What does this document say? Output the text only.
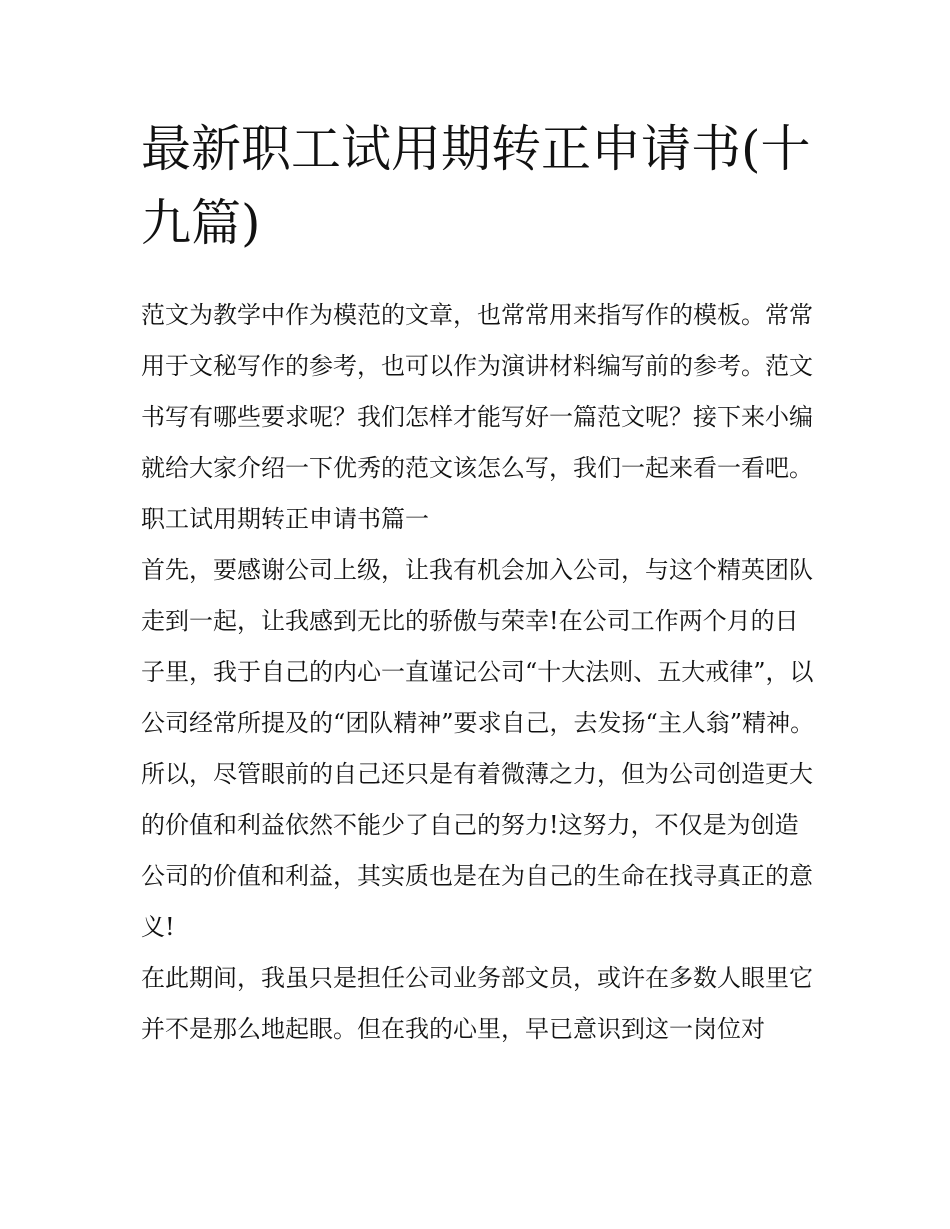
最新职工试用期转正申请书(十九篇)

范文为教学中作为模范的文章，也常常用来指写作的模板。常常用于文秘写作的参考，也可以作为演讲材料编写前的参考。范文书写有哪些要求呢？我们怎样才能写好一篇范文呢？接下来小编就给大家介绍一下优秀的范文该怎么写，我们一起来看一看吧。

职工试用期转正申请书篇一

首先，要感谢公司上级，让我有机会加入公司，与这个精英团队走到一起，让我感到无比的骄傲与荣幸!在公司工作两个月的日子里，我于自己的内心一直谨记公司“十大法则、五大戒律”，以公司经常所提及的“团队精神”要求自己，去发扬“主人翁”精神。所以，尽管眼前的自己还只是有着微薄之力，但为公司创造更大的价值和利益依然不能少了自己的努力!这努力，不仅是为创造公司的价值和利益，其实质也是在为自己的生命在找寻真正的意义!

在此期间，我虽只是担任公司业务部文员，或许在多数人眼里它并不是那么地起眼。但在我的心里，早已意识到这一岗位对
